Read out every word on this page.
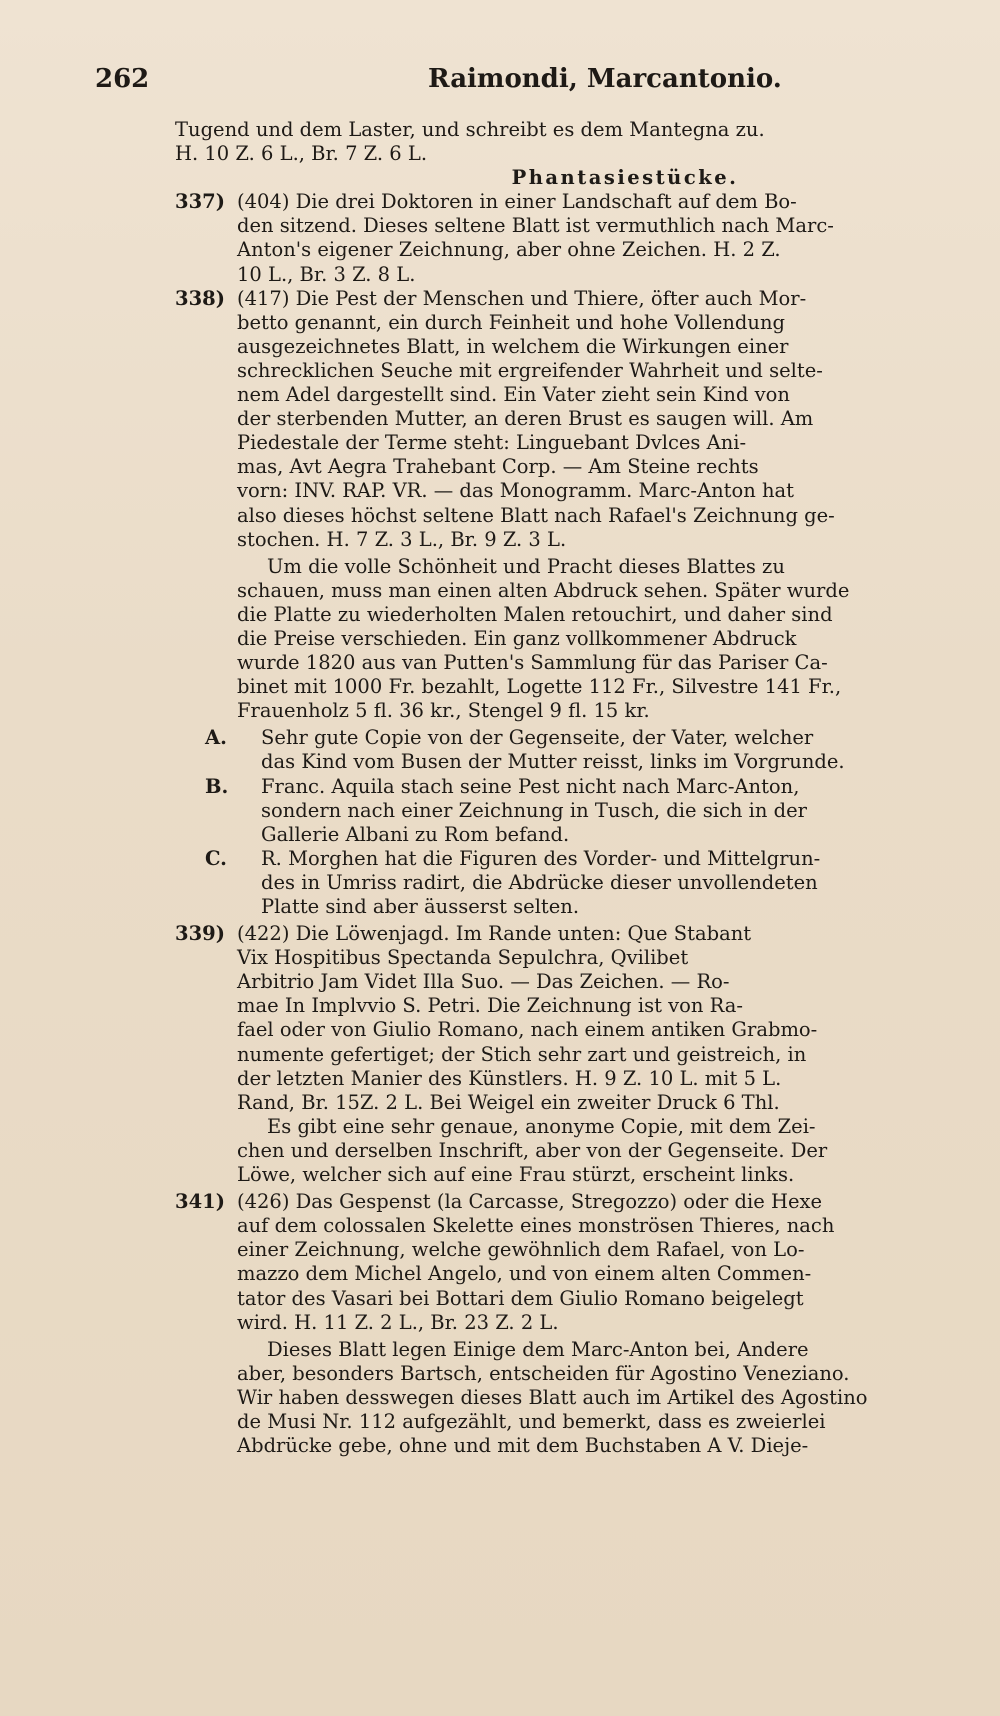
262	Raimondi, Marcantonio.
Tugend und dem Laster, und schreibt es dem Mantegna zu.
H. 10 Z. 6 L., Br. 7 Z. 6 L.
Phantasiestücke.
337) (404) Die drei Doktoren in einer Landschaft auf dem Bo-
den sitzend. Dieses seltene Blatt ist vermuthlich nach Marc-
Anton's eigener Zeichnung, aber ohne Zeichen. H. 2 Z.
10 L., Br. 3 Z. 8 L.
338) (417) Die Pest der Menschen und Thiere, öfter auch Mor-
betto genannt, ein durch Feinheit und hohe Vollendung
ausgezeichnetes Blatt, in welchem die Wirkungen einer
schrecklichen Seuche mit ergreifender Wahrheit und selte-
nem Adel dargestellt sind. Ein Vater zieht sein Kind von
der sterbenden Mutter, an deren Brust es saugen will. Am
Piedestale der Terme steht: Linguebant Dvlces Ani-
mas, Avt Aegra Trahebant Corp. — Am Steine rechts
vorn: INV. RAP. VR. — das Monogramm. Marc-Anton hat
also dieses höchst seltene Blatt nach Rafael's Zeichnung ge-
stochen. H. 7 Z. 3 L., Br. 9 Z. 3 L.
Um die volle Schönheit und Pracht dieses Blattes zu
schauen, muss man einen alten Abdruck sehen. Später wurde
die Platte zu wiederholten Malen retouchirt, und daher sind
die Preise verschieden. Ein ganz vollkommener Abdruck
wurde 1820 aus van Putten's Sammlung für das Pariser Ca-
binet mit 1000 Fr. bezahlt, Logette 112 Fr., Silvestre 141 Fr.,
Frauenholz 5 fl. 36 kr., Stengel 9 fl. 15 kr.
A.	Sehr gute Copie von der Gegenseite, der Vater, welcher
das Kind vom Busen der Mutter reisst, links im Vorgrunde.
B.	Franc. Aquila stach seine Pest nicht nach Marc-Anton,
sondern nach einer Zeichnung in Tusch, die sich in der
Gallerie Albani zu Rom befand.
C.	R. Morghen hat die Figuren des Vorder- und Mittelgrun-
des in Umriss radirt, die Abdrücke dieser unvollendeten
Platte sind aber äusserst selten.
339) (422) Die Löwenjagd. Im Rande unten: Que Stabant
Vix Hospitibus Spectanda Sepulchra, Qvilibet
Arbitrio Jam Videt Illa Suo. — Das Zeichen. — Ro-
mae In Implvvio S. Petri. Die Zeichnung ist von Ra-
fael oder von Giulio Romano, nach einem antiken Grabmo-
numente gefertiget; der Stich sehr zart und geistreich, in
der letzten Manier des Künstlers. H. 9 Z. 10 L. mit 5 L.
Rand, Br. 15Z. 2 L. Bei Weigel ein zweiter Druck 6 Thl.
Es gibt eine sehr genaue, anonyme Copie, mit dem Zei-
chen und derselben Inschrift, aber von der Gegenseite. Der
Löwe, welcher sich auf eine Frau stürzt, erscheint links.
341) (426) Das Gespenst (la Carcasse, Stregozzo) oder die Hexe
auf dem colossalen Skelette eines monströsen Thieres, nach
einer Zeichnung, welche gewöhnlich dem Rafael, von Lo-
mazzo dem Michel Angelo, und von einem alten Commen-
tator des Vasari bei Bottari dem Giulio Romano beigelegt
wird. H. 11 Z. 2 L., Br. 23 Z. 2 L.
Dieses Blatt legen Einige dem Marc-Anton bei, Andere
aber, besonders Bartsch, entscheiden für Agostino Veneziano.
Wir haben desswegen dieses Blatt auch im Artikel des Agostino
de Musi Nr. 112 aufgezählt, und bemerkt, dass es zweierlei
Abdrücke gebe, ohne und mit dem Buchstaben A V. Dieje-
